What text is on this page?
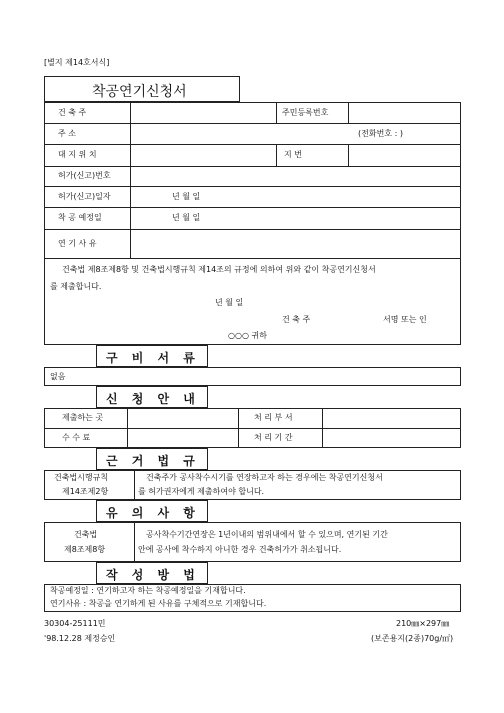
[별지 제14호서식]
착공연기신청서
건 축 주	주민등록번호
주 소	(전화번호 : )
대 지 위 치	지 번
허가(신고)번호
허가(신고)일자	년 월 일
착 공 예정일	년 월 일
연 기 사 유
건축법 제8조제8항 및 건축법시행규칙 제14조의 규정에 의하여 위와 같이 착공연기신청서
를 제출합니다.
년 월 일
건 축 주	서명 또는 인
○○○ 귀하
구 비 서 류
없음
신 청 안 내
제출하는 곳	처 리 부 서
수 수 료	처 리 기 간
근 거 법 규
건축법시행규칙
제14조제2항
건축주가 공사착수시기를 연장하고자 하는 경우에는 착공연기신청서
를 허가권자에게 제출하여야 합니다.
유 의 사 항
건축법
제8조제8항
공사착수기간연장은 1년이내의 범위내에서 할 수 있으며, 연기된 기간
안에 공사에 착수하지 아니한 경우 건축허가가 취소됩니다.
작 성 방 법
착공예정일 : 연기하고자 하는 착공예정일을 기재합니다.
연기사유 : 착공을 연기하게 된 사유를 구체적으로 기재합니다.
30304-25111민	210㎜×297㎜
'98.12.28 제정승인	(보존용지(2종)70g/㎡)
